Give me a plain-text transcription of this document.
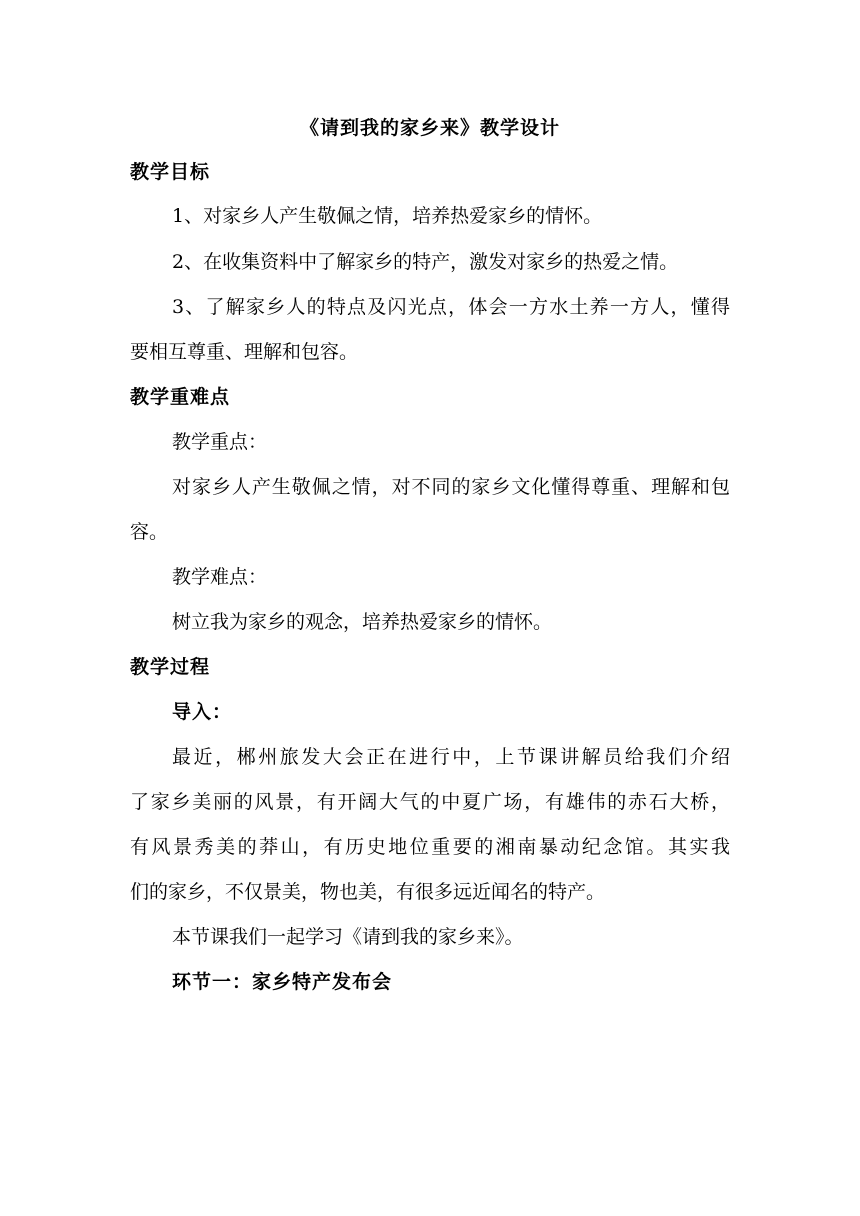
《请到我的家乡来》教学设计
教学目标
1、对家乡人产生敬佩之情，培养热爱家乡的情怀。
2、在收集资料中了解家乡的特产，激发对家乡的热爱之情。
3、了解家乡人的特点及闪光点，体会一方水土养一方人，懂得
要相互尊重、理解和包容。
教学重难点
教学重点：
对家乡人产生敬佩之情，对不同的家乡文化懂得尊重、理解和包
容。
教学难点：
树立我为家乡的观念，培养热爱家乡的情怀。
教学过程
导入：
最近，郴州旅发大会正在进行中，上节课讲解员给我们介绍
了家乡美丽的风景，有开阔大气的中夏广场，有雄伟的赤石大桥，
有风景秀美的莽山，有历史地位重要的湘南暴动纪念馆。其实我
们的家乡，不仅景美，物也美，有很多远近闻名的特产。
本节课我们一起学习《请到我的家乡来》。
环节一：家乡特产发布会
